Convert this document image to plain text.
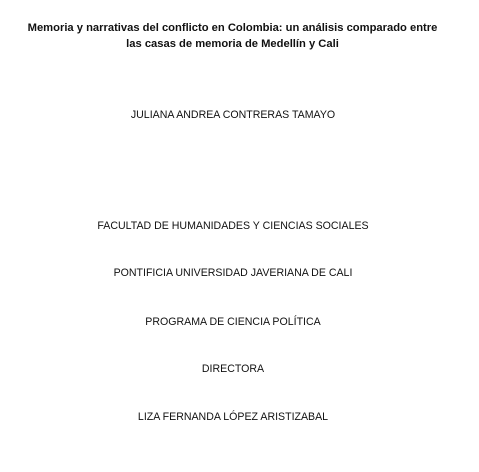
Memoria y narrativas del conflicto en Colombia: un análisis comparado entre
las casas de memoria de Medellín y Cali
JULIANA ANDREA CONTRERAS TAMAYO
FACULTAD DE HUMANIDADES Y CIENCIAS SOCIALES
PONTIFICIA UNIVERSIDAD JAVERIANA DE CALI
PROGRAMA DE CIENCIA POLÍTICA
DIRECTORA
LIZA FERNANDA LÓPEZ ARISTIZABAL
